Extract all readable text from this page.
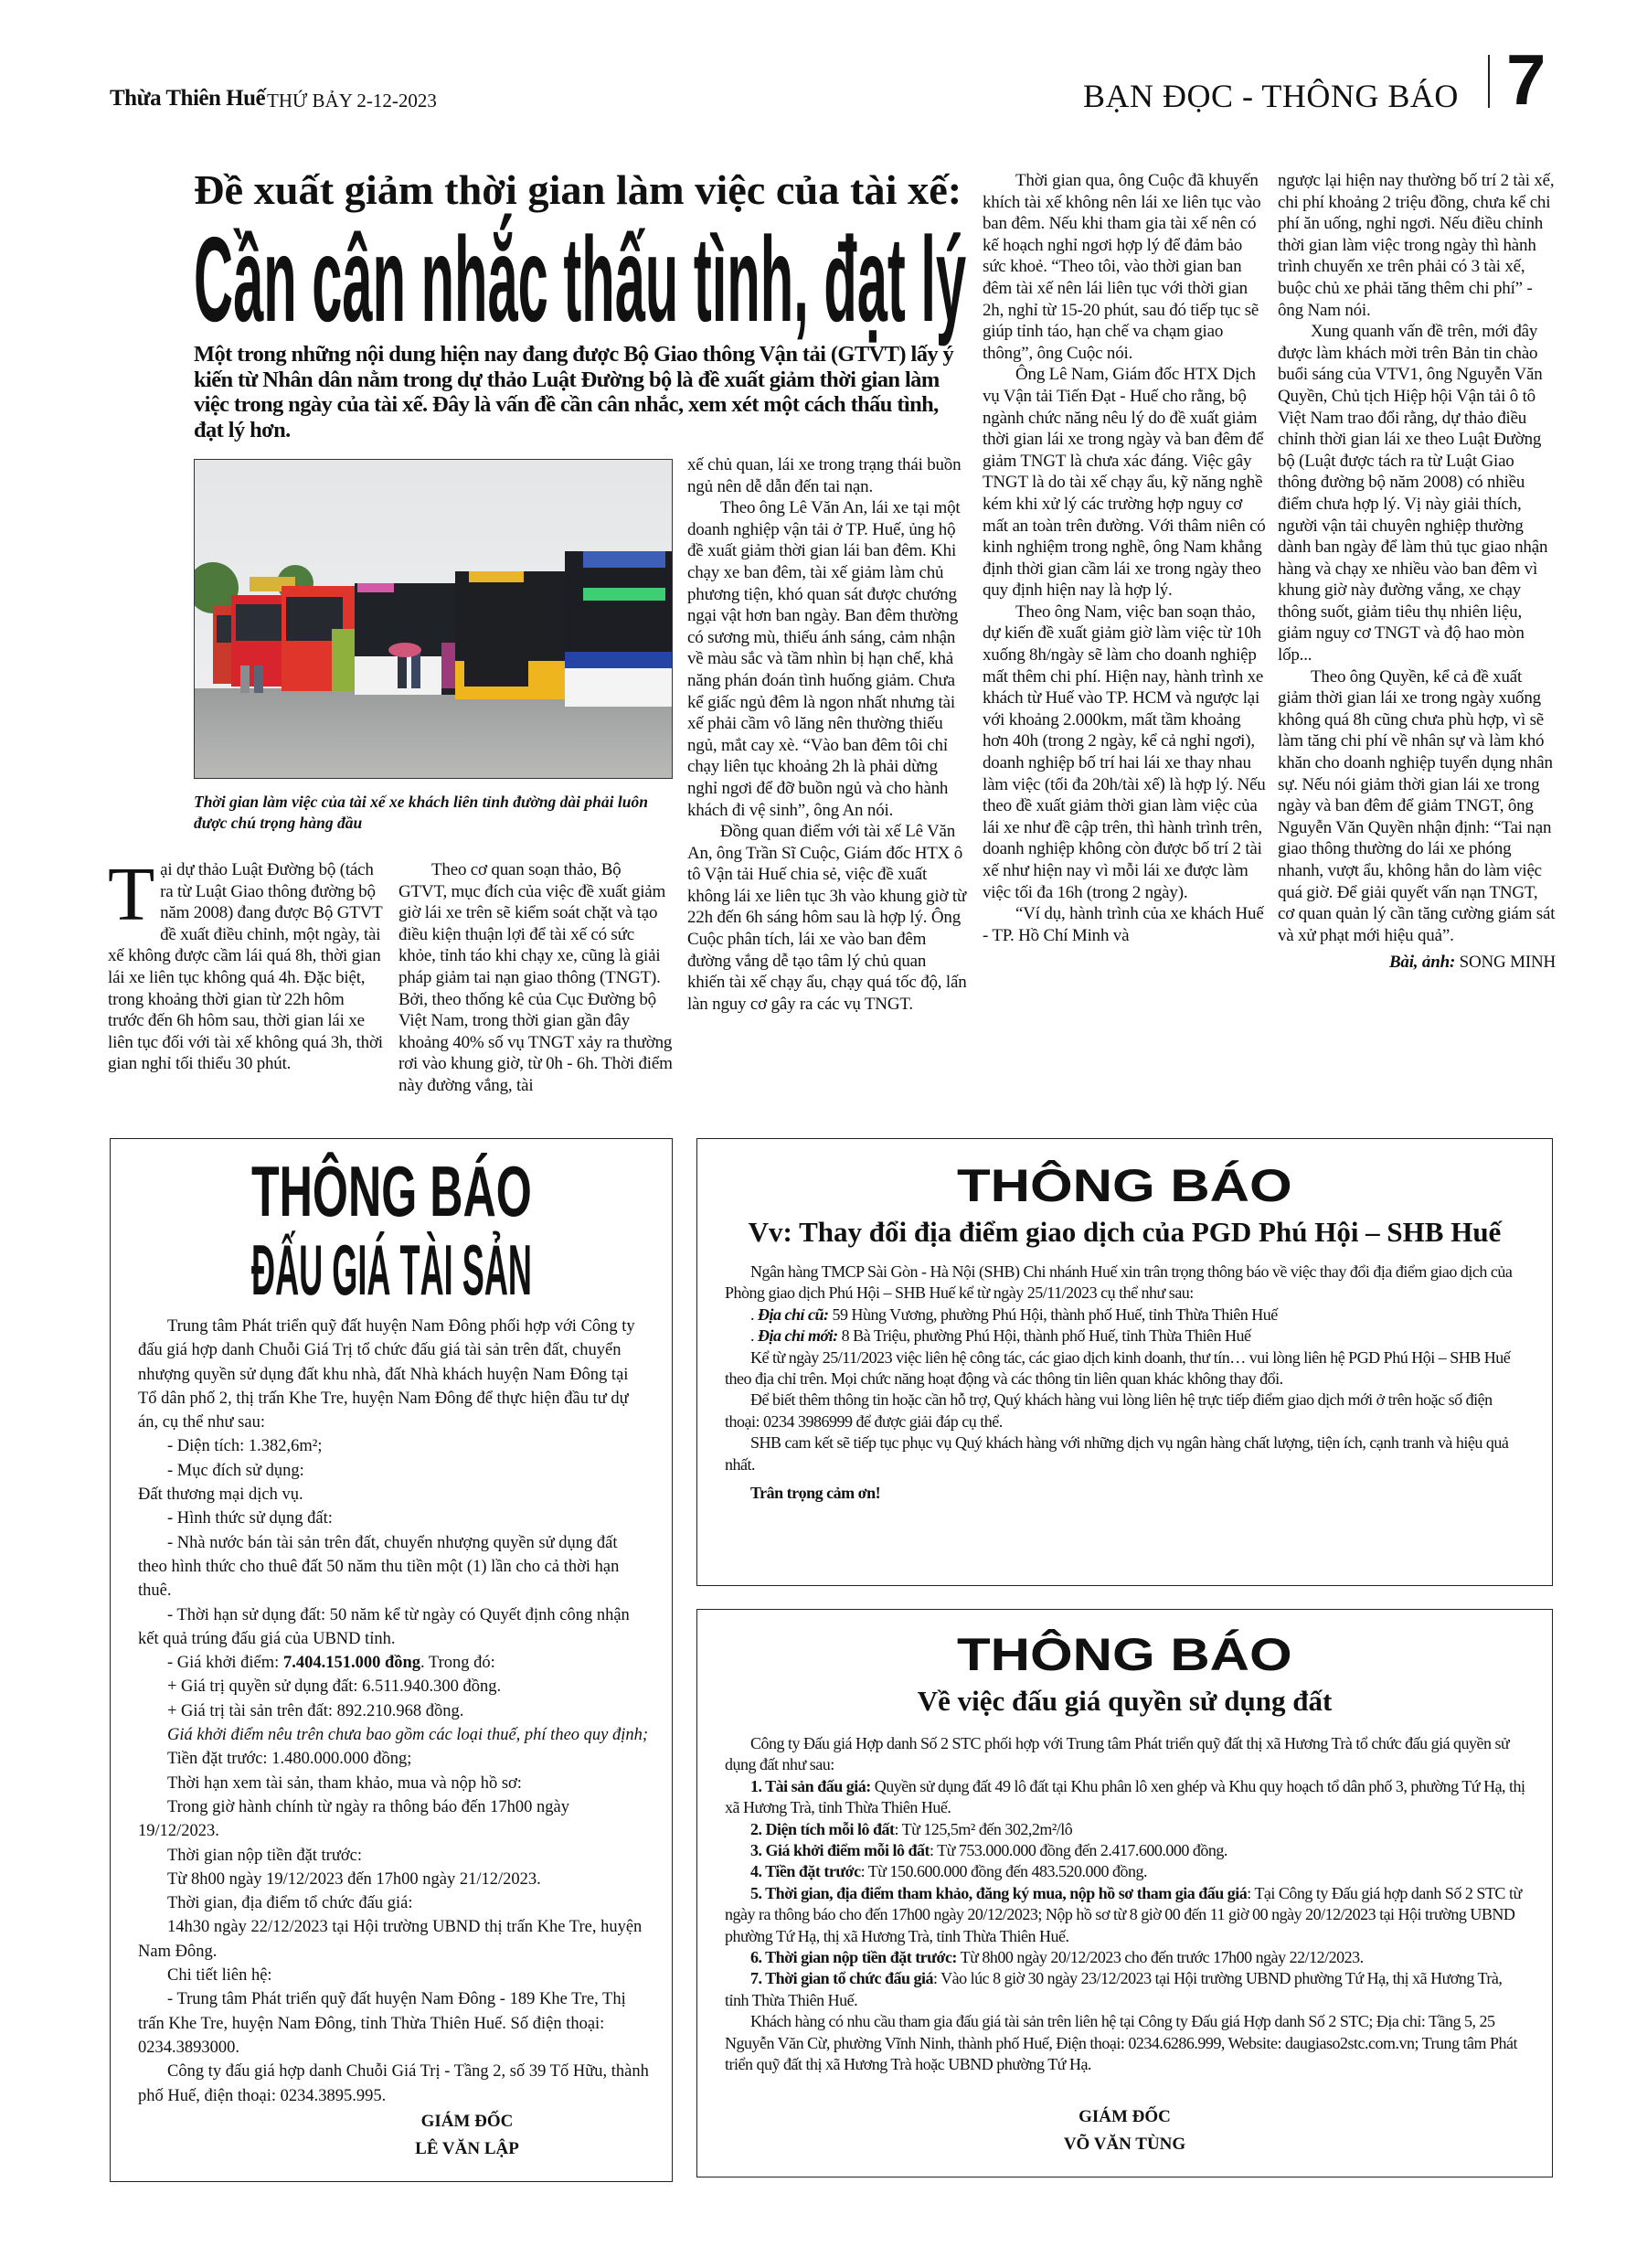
Thừa Thiên Huế THỨ BẢY 2-12-2023	BẠN ĐỌC - THÔNG BÁO 7
Đề xuất giảm thời gian làm việc của tài xế:
Cần cân nhắc thấu tình, đạt lý
Một trong những nội dung hiện nay đang được Bộ Giao thông Vận tải (GTVT) lấy ý kiến từ Nhân dân nằm trong dự thảo Luật Đường bộ là đề xuất giảm thời gian làm việc trong ngày của tài xế. Đây là vấn đề cần cân nhắc, xem xét một cách thấu tình, đạt lý hơn.
Thời gian làm việc của tài xế xe khách liên tỉnh đường dài phải luôn được chú trọng hàng đầu
T ại dự thảo Luật Đường bộ (tách ra từ Luật Giao thông đường bộ năm 2008) đang được Bộ GTVT đề xuất điều chỉnh, một ngày, tài xế không được cầm lái quá 8h, thời gian lái xe liên tục không quá 4h. Đặc biệt, trong khoảng thời gian từ 22h hôm trước đến 6h hôm sau, thời gian lái xe liên tục đối với tài xế không quá 3h, thời gian nghỉ tối thiểu 30 phút.

Theo cơ quan soạn thảo, Bộ GTVT, mục đích của việc đề xuất giảm giờ lái xe trên sẽ kiểm soát chặt và tạo điều kiện thuận lợi để tài xế có sức khỏe, tỉnh táo khi chạy xe, cũng là giải pháp giảm tai nạn giao thông (TNGT). Bởi, theo thống kê của Cục Đường bộ Việt Nam, trong thời gian gần đây khoảng 40% số vụ TNGT xảy ra thường rơi vào khung giờ, từ 0h - 6h. Thời điểm này đường vắng, tài

xế chủ quan, lái xe trong trạng thái buồn ngủ nên dễ dẫn đến tai nạn.

Theo ông Lê Văn An, lái xe tại một doanh nghiệp vận tải ở TP. Huế, ủng hộ đề xuất giảm thời gian lái ban đêm. Khi chạy xe ban đêm, tài xế giảm làm chủ phương tiện, khó quan sát được chướng ngại vật hơn ban ngày. Ban đêm thường có sương mù, thiếu ánh sáng, cảm nhận về màu sắc và tầm nhìn bị hạn chế, khả năng phán đoán tình huống giảm. Chưa kể giấc ngủ đêm là ngon nhất nhưng tài xế phải cầm vô lăng nên thường thiếu ngủ, mắt cay xè. “Vào ban đêm tôi chỉ chạy liên tục khoảng 2h là phải dừng nghỉ ngơi để đỡ buồn ngủ và cho hành khách đi vệ sinh”, ông An nói.

Đồng quan điểm với tài xế Lê Văn An, ông Trần Sĩ Cuộc, Giám đốc HTX ô tô Vận tải Huế chia sẻ, việc đề xuất không lái xe liên tục 3h vào khung giờ từ 22h đến 6h sáng hôm sau là hợp lý. Ông Cuộc phân tích, lái xe vào ban đêm đường vắng dễ tạo tâm lý chủ quan khiến tài xế chạy ẩu, chạy quá tốc độ, lấn làn nguy cơ gây ra các vụ TNGT.

Thời gian qua, ông Cuộc đã khuyến khích tài xế không nên lái xe liên tục vào ban đêm. Nếu khi tham gia tài xế nên có kế hoạch nghỉ ngơi hợp lý để đảm bảo sức khoẻ. “Theo tôi, vào thời gian ban đêm tài xế nên lái liên tục với thời gian 2h, nghỉ từ 15-20 phút, sau đó tiếp tục sẽ giúp tỉnh táo, hạn chế va chạm giao thông”, ông Cuộc nói.

Ông Lê Nam, Giám đốc HTX Dịch vụ Vận tải Tiến Đạt - Huế cho rằng, bộ ngành chức năng nêu lý do đề xuất giảm thời gian lái xe trong ngày và ban đêm để giảm TNGT là chưa xác đáng. Việc gây TNGT là do tài xế chạy ẩu, kỹ năng nghề kém khi xử lý các trường hợp nguy cơ mất an toàn trên đường. Với thâm niên có kinh nghiệm trong nghề, ông Nam khẳng định thời gian cầm lái xe trong ngày theo quy định hiện nay là hợp lý.

Theo ông Nam, việc ban soạn thảo, dự kiến đề xuất giảm giờ làm việc từ 10h xuống 8h/ngày sẽ làm cho doanh nghiệp mất thêm chi phí. Hiện nay, hành trình xe khách từ Huế vào TP. HCM và ngược lại với khoảng 2.000km, mất tầm khoảng hơn 40h (trong 2 ngày, kể cả nghỉ ngơi), doanh nghiệp bố trí hai lái xe thay nhau làm việc (tối đa 20h/tài xế) là hợp lý. Nếu theo đề xuất giảm thời gian làm việc của lái xe như đề cập trên, thì hành trình trên, doanh nghiệp không còn được bố trí 2 tài xế như hiện nay vì mỗi lái xe được làm việc tối đa 16h (trong 2 ngày).

“Ví dụ, hành trình của xe khách Huế - TP. Hồ Chí Minh và

ngược lại hiện nay thường bố trí 2 tài xế, chi phí khoảng 2 triệu đồng, chưa kể chi phí ăn uống, nghỉ ngơi. Nếu điều chỉnh thời gian làm việc trong ngày thì hành trình chuyến xe trên phải có 3 tài xế, buộc chủ xe phải tăng thêm chi phí” - ông Nam nói.

Xung quanh vấn đề trên, mới đây được làm khách mời trên Bản tin chào buổi sáng của VTV1, ông Nguyễn Văn Quyền, Chủ tịch Hiệp hội Vận tải ô tô Việt Nam trao đổi rằng, dự thảo điều chỉnh thời gian lái xe theo Luật Đường bộ (Luật được tách ra từ Luật Giao thông đường bộ năm 2008) có nhiều điểm chưa hợp lý. Vị này giải thích, người vận tải chuyên nghiệp thường dành ban ngày để làm thủ tục giao nhận hàng và chạy xe nhiều vào ban đêm vì khung giờ này đường vắng, xe chạy thông suốt, giảm tiêu thụ nhiên liệu, giảm nguy cơ TNGT và độ hao mòn lốp...

Theo ông Quyền, kể cả đề xuất giảm thời gian lái xe trong ngày xuống không quá 8h cũng chưa phù hợp, vì sẽ làm tăng chi phí về nhân sự và làm khó khăn cho doanh nghiệp tuyển dụng nhân sự. Nếu nói giảm thời gian lái xe trong ngày và ban đêm để giảm TNGT, ông Nguyễn Văn Quyền nhận định: “Tai nạn giao thông thường do lái xe phóng nhanh, vượt ẩu, không hẳn do làm việc quá giờ. Để giải quyết vấn nạn TNGT, cơ quan quản lý cần tăng cường giám sát và xử phạt mới hiệu quả”.

Bài, ảnh: SONG MINH
THÔNG BÁO
ĐẤU GIÁ TÀI SẢN

Trung tâm Phát triển quỹ đất huyện Nam Đông phối hợp với Công ty đấu giá hợp danh Chuỗi Giá Trị tổ chức đấu giá tài sản trên đất, chuyển nhượng quyền sử dụng đất khu nhà, đất Nhà khách huyện Nam Đông tại Tổ dân phố 2, thị trấn Khe Tre, huyện Nam Đông để thực hiện đầu tư dự án, cụ thể như sau:

- Diện tích: 1.382,6m²;

- Mục đích sử dụng:

Đất thương mại dịch vụ.

- Hình thức sử dụng đất:

- Nhà nước bán tài sản trên đất, chuyển nhượng quyền sử dụng đất theo hình thức cho thuê đất 50 năm thu tiền một (1) lần cho cả thời hạn thuê.

- Thời hạn sử dụng đất: 50 năm kể từ ngày có Quyết định công nhận kết quả trúng đấu giá của UBND tỉnh.

- Giá khởi điểm: 7.404.151.000 đồng. Trong đó:

+ Giá trị quyền sử dụng đất: 6.511.940.300 đồng.

+ Giá trị tài sản trên đất: 892.210.968 đồng.

Giá khởi điểm nêu trên chưa bao gồm các loại thuế, phí theo quy định;

Tiền đặt trước: 1.480.000.000 đồng;

Thời hạn xem tài sản, tham khảo, mua và nộp hồ sơ:

Trong giờ hành chính từ ngày ra thông báo đến 17h00 ngày 19/12/2023.

Thời gian nộp tiền đặt trước:

Từ 8h00 ngày 19/12/2023 đến 17h00 ngày 21/12/2023.

Thời gian, địa điểm tổ chức đấu giá:

14h30 ngày 22/12/2023 tại Hội trường UBND thị trấn Khe Tre, huyện Nam Đông.

Chi tiết liên hệ:

- Trung tâm Phát triển quỹ đất huyện Nam Đông - 189 Khe Tre, Thị trấn Khe Tre, huyện Nam Đông, tỉnh Thừa Thiên Huế. Số điện thoại: 0234.3893000.

Công ty đấu giá hợp danh Chuỗi Giá Trị - Tầng 2, số 39 Tố Hữu, thành phố Huế, điện thoại: 0234.3895.995.

GIÁM ĐỐC
LÊ VĂN LẬP
THÔNG BÁO
Vv: Thay đổi địa điểm giao dịch của PGD Phú Hội – SHB Huế

Ngân hàng TMCP Sài Gòn - Hà Nội (SHB) Chi nhánh Huế xin trân trọng thông báo về việc thay đổi địa điểm giao dịch của Phòng giao dịch Phú Hội – SHB Huế kể từ ngày 25/11/2023 cụ thể như sau:

. Địa chỉ cũ: 59 Hùng Vương, phường Phú Hội, thành phố Huế, tỉnh Thừa Thiên Huế

. Địa chỉ mới: 8 Bà Triệu, phường Phú Hội, thành phố Huế, tỉnh Thừa Thiên Huế

Kể từ ngày 25/11/2023 việc liên hệ công tác, các giao dịch kinh doanh, thư tín… vui lòng liên hệ PGD Phú Hội – SHB Huế theo địa chỉ trên. Mọi chức năng hoạt động và các thông tin liên quan khác không thay đổi.

Để biết thêm thông tin hoặc cần hỗ trợ, Quý khách hàng vui lòng liên hệ trực tiếp điểm giao dịch mới ở trên hoặc số điện thoại: 0234 3986999 để được giải đáp cụ thể.

SHB cam kết sẽ tiếp tục phục vụ Quý khách hàng với những dịch vụ ngân hàng chất lượng, tiện ích, cạnh tranh và hiệu quả nhất.

Trân trọng cảm ơn!

THÔNG BÁO
Về việc đấu giá quyền sử dụng đất

Công ty Đấu giá Hợp danh Số 2 STC phối hợp với Trung tâm Phát triển quỹ đất thị xã Hương Trà tổ chức đấu giá quyền sử dụng đất như sau:

1. Tài sản đấu giá: Quyền sử dụng đất 49 lô đất tại Khu phân lô xen ghép và Khu quy hoạch tổ dân phố 3, phường Tứ Hạ, thị xã Hương Trà, tỉnh Thừa Thiên Huế.

2. Diện tích mỗi lô đất: Từ 125,5m² đến 302,2m²/lô

3. Giá khởi điểm mỗi lô đất: Từ 753.000.000 đồng đến 2.417.600.000 đồng.

4. Tiền đặt trước: Từ 150.600.000 đồng đến 483.520.000 đồng.

5. Thời gian, địa điểm tham khảo, đăng ký mua, nộp hồ sơ tham gia đấu giá: Tại Công ty Đấu giá hợp danh Số 2 STC từ ngày ra thông báo cho đến 17h00 ngày 20/12/2023; Nộp hồ sơ từ 8 giờ 00 đến 11 giờ 00 ngày 20/12/2023 tại Hội trường UBND phường Tứ Hạ, thị xã Hương Trà, tỉnh Thừa Thiên Huế.

6. Thời gian nộp tiền đặt trước: Từ 8h00 ngày 20/12/2023 cho đến trước 17h00 ngày 22/12/2023.

7. Thời gian tổ chức đấu giá: Vào lúc 8 giờ 30 ngày 23/12/2023 tại Hội trường UBND phường Tứ Hạ, thị xã Hương Trà, tỉnh Thừa Thiên Huế.

Khách hàng có nhu cầu tham gia đấu giá tài sản trên liên hệ tại Công ty Đấu giá Hợp danh Số 2 STC; Địa chỉ: Tầng 5, 25 Nguyễn Văn Cừ, phường Vĩnh Ninh, thành phố Huế, Điện thoại: 0234.6286.999, Website: daugiaso2stc.com.vn; Trung tâm Phát triển quỹ đất thị xã Hương Trà hoặc UBND phường Tứ Hạ.

GIÁM ĐỐC
VÕ VĂN TÙNG
